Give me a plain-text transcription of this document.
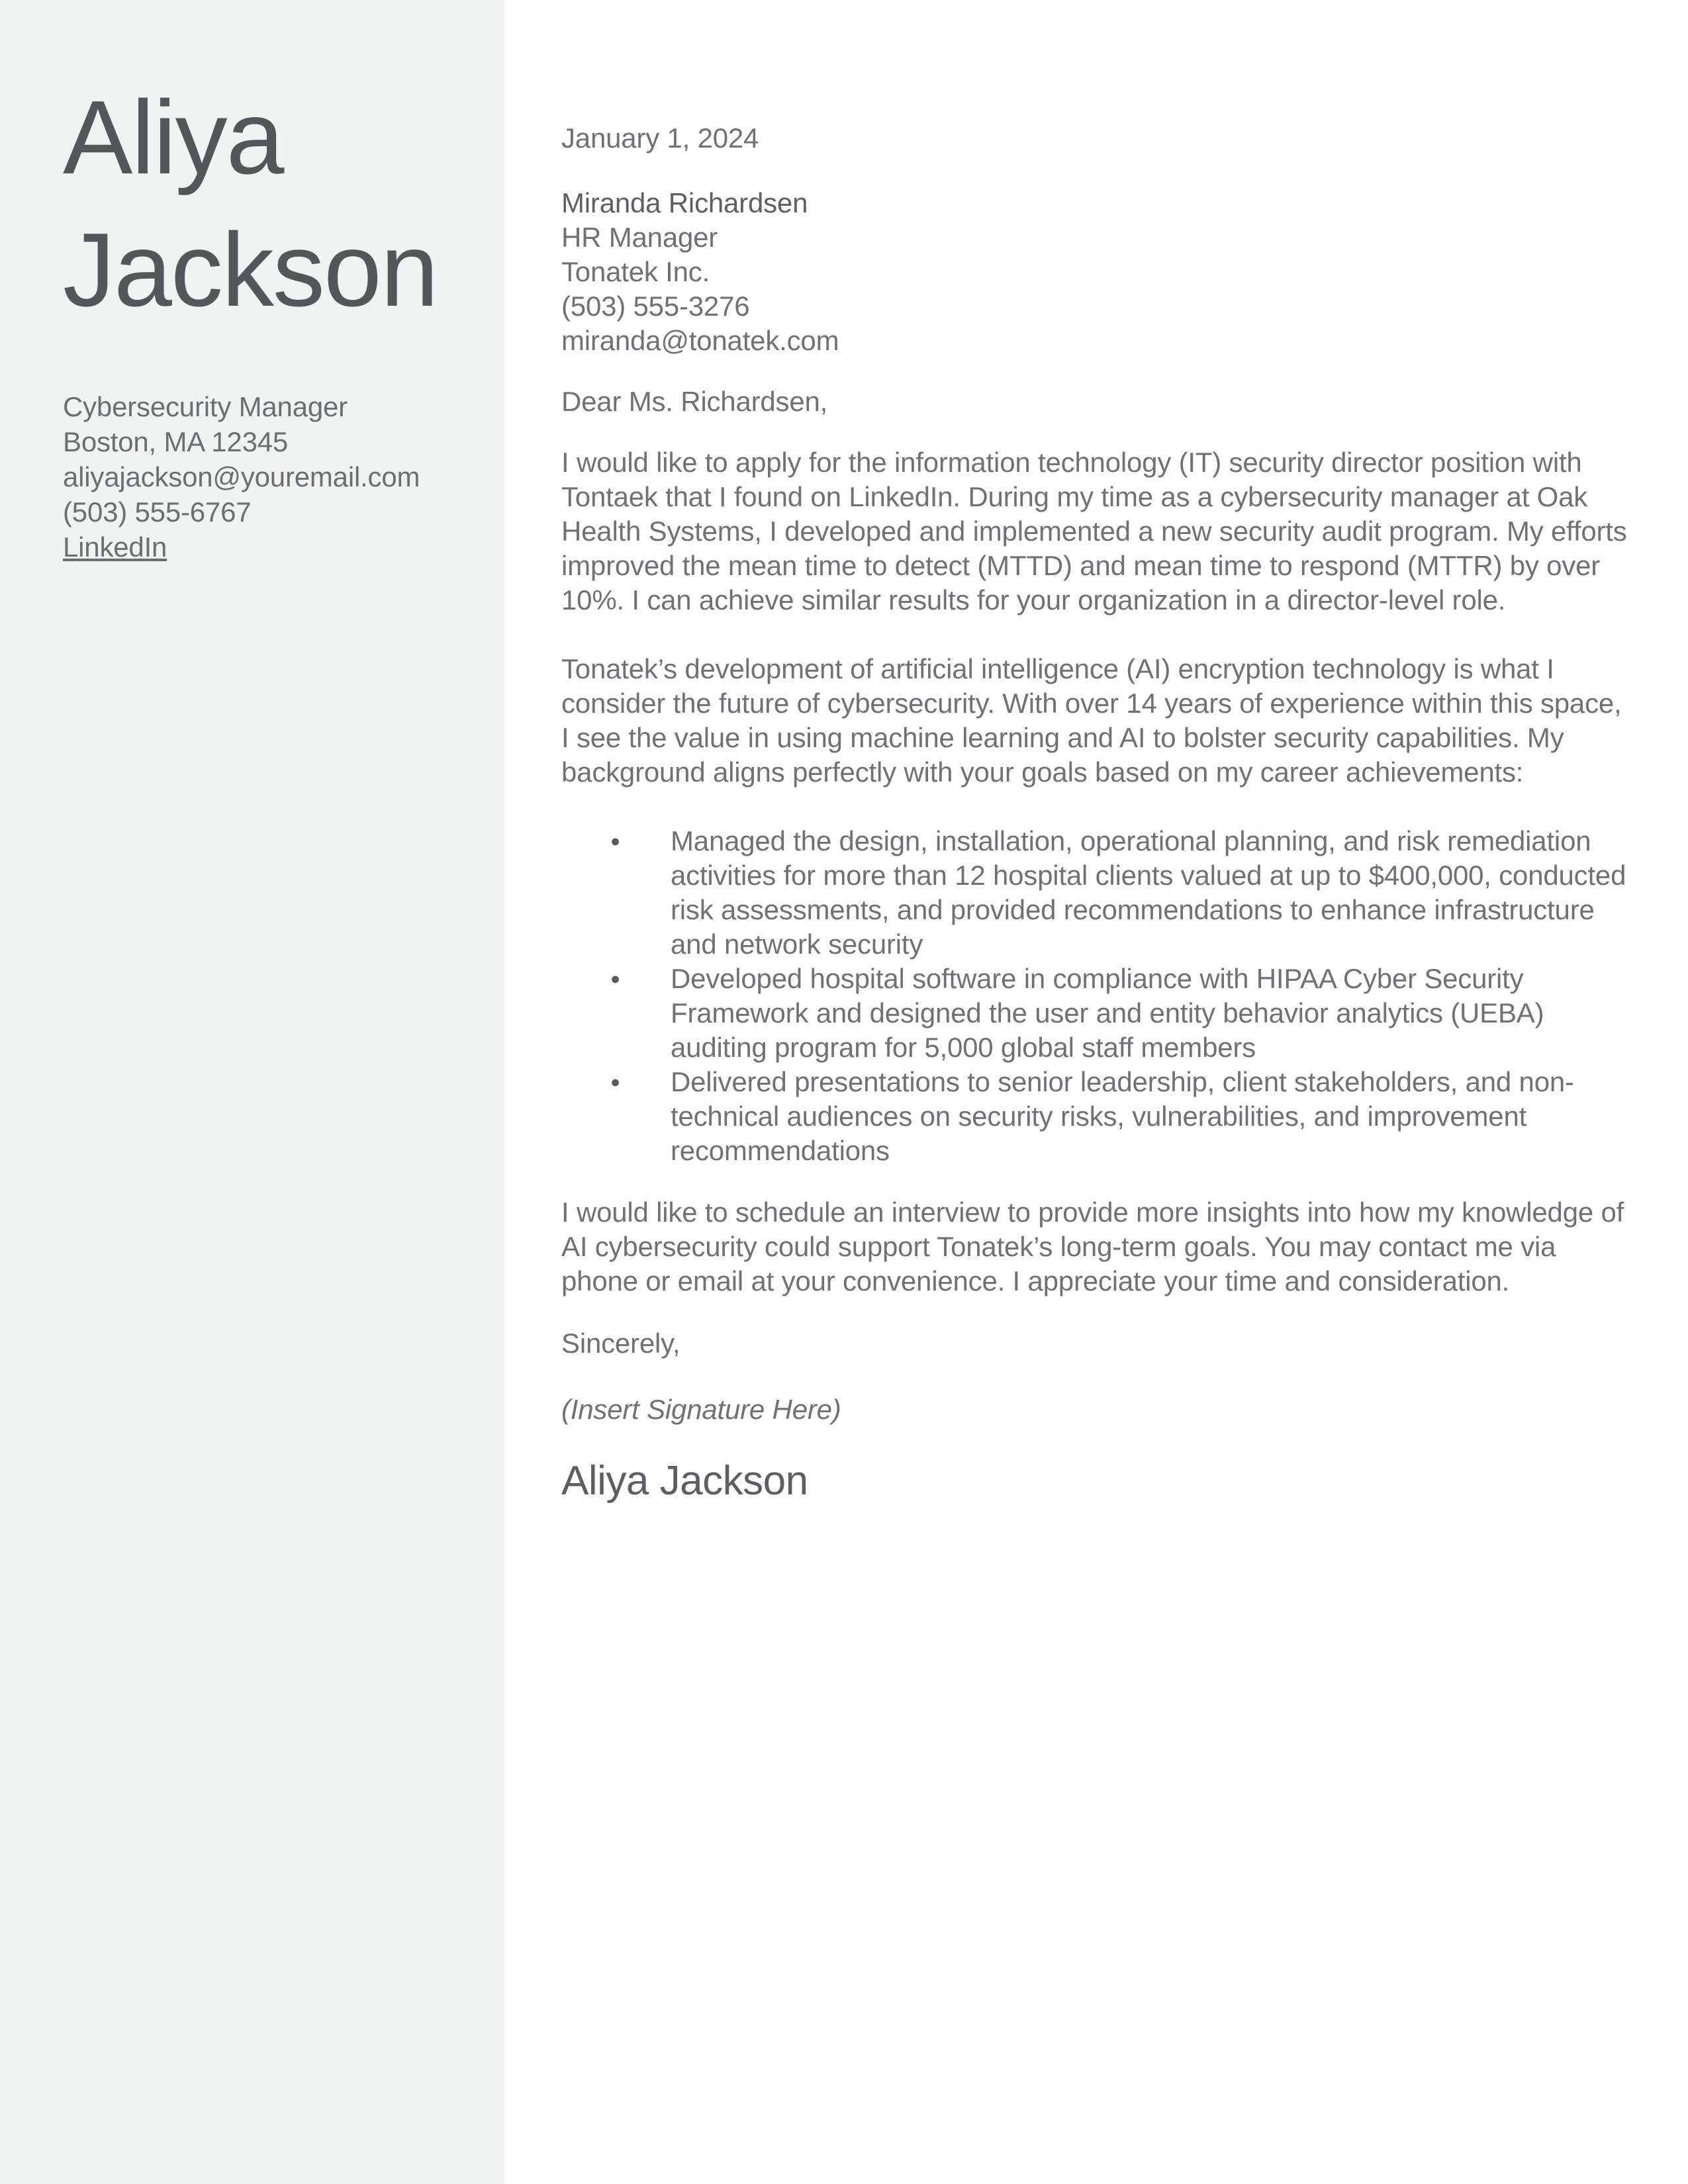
Aliya
Jackson
Cybersecurity Manager
Boston, MA 12345
aliyajackson@youremail.com
(503) 555-6767
LinkedIn
January 1, 2024
Miranda Richardsen
HR Manager
Tonatek Inc.
(503) 555-3276
miranda@tonatek.com
Dear Ms. Richardsen,

I would like to apply for the information technology (IT) security director position with Tontaek that I found on LinkedIn. During my time as a cybersecurity manager at Oak Health Systems, I developed and implemented a new security audit program. My efforts improved the mean time to detect (MTTD) and mean time to respond (MTTR) by over 10%. I can achieve similar results for your organization in a director-level role.

Tonatek’s development of artificial intelligence (AI) encryption technology is what I consider the future of cybersecurity. With over 14 years of experience within this space, I see the value in using machine learning and AI to bolster security capabilities. My background aligns perfectly with your goals based on my career achievements:

●	Managed the design, installation, operational planning, and risk remediation activities for more than 12 hospital clients valued at up to $400,000, conducted risk assessments, and provided recommendations to enhance infrastructure and network security
●	Developed hospital software in compliance with HIPAA Cyber Security Framework and designed the user and entity behavior analytics (UEBA) auditing program for 5,000 global staff members
●	Delivered presentations to senior leadership, client stakeholders, and non-technical audiences on security risks, vulnerabilities, and improvement recommendations

I would like to schedule an interview to provide more insights into how my knowledge of AI cybersecurity could support Tonatek’s long-term goals. You may contact me via phone or email at your convenience. I appreciate your time and consideration.

Sincerely,
(Insert Signature Here)
Aliya Jackson
